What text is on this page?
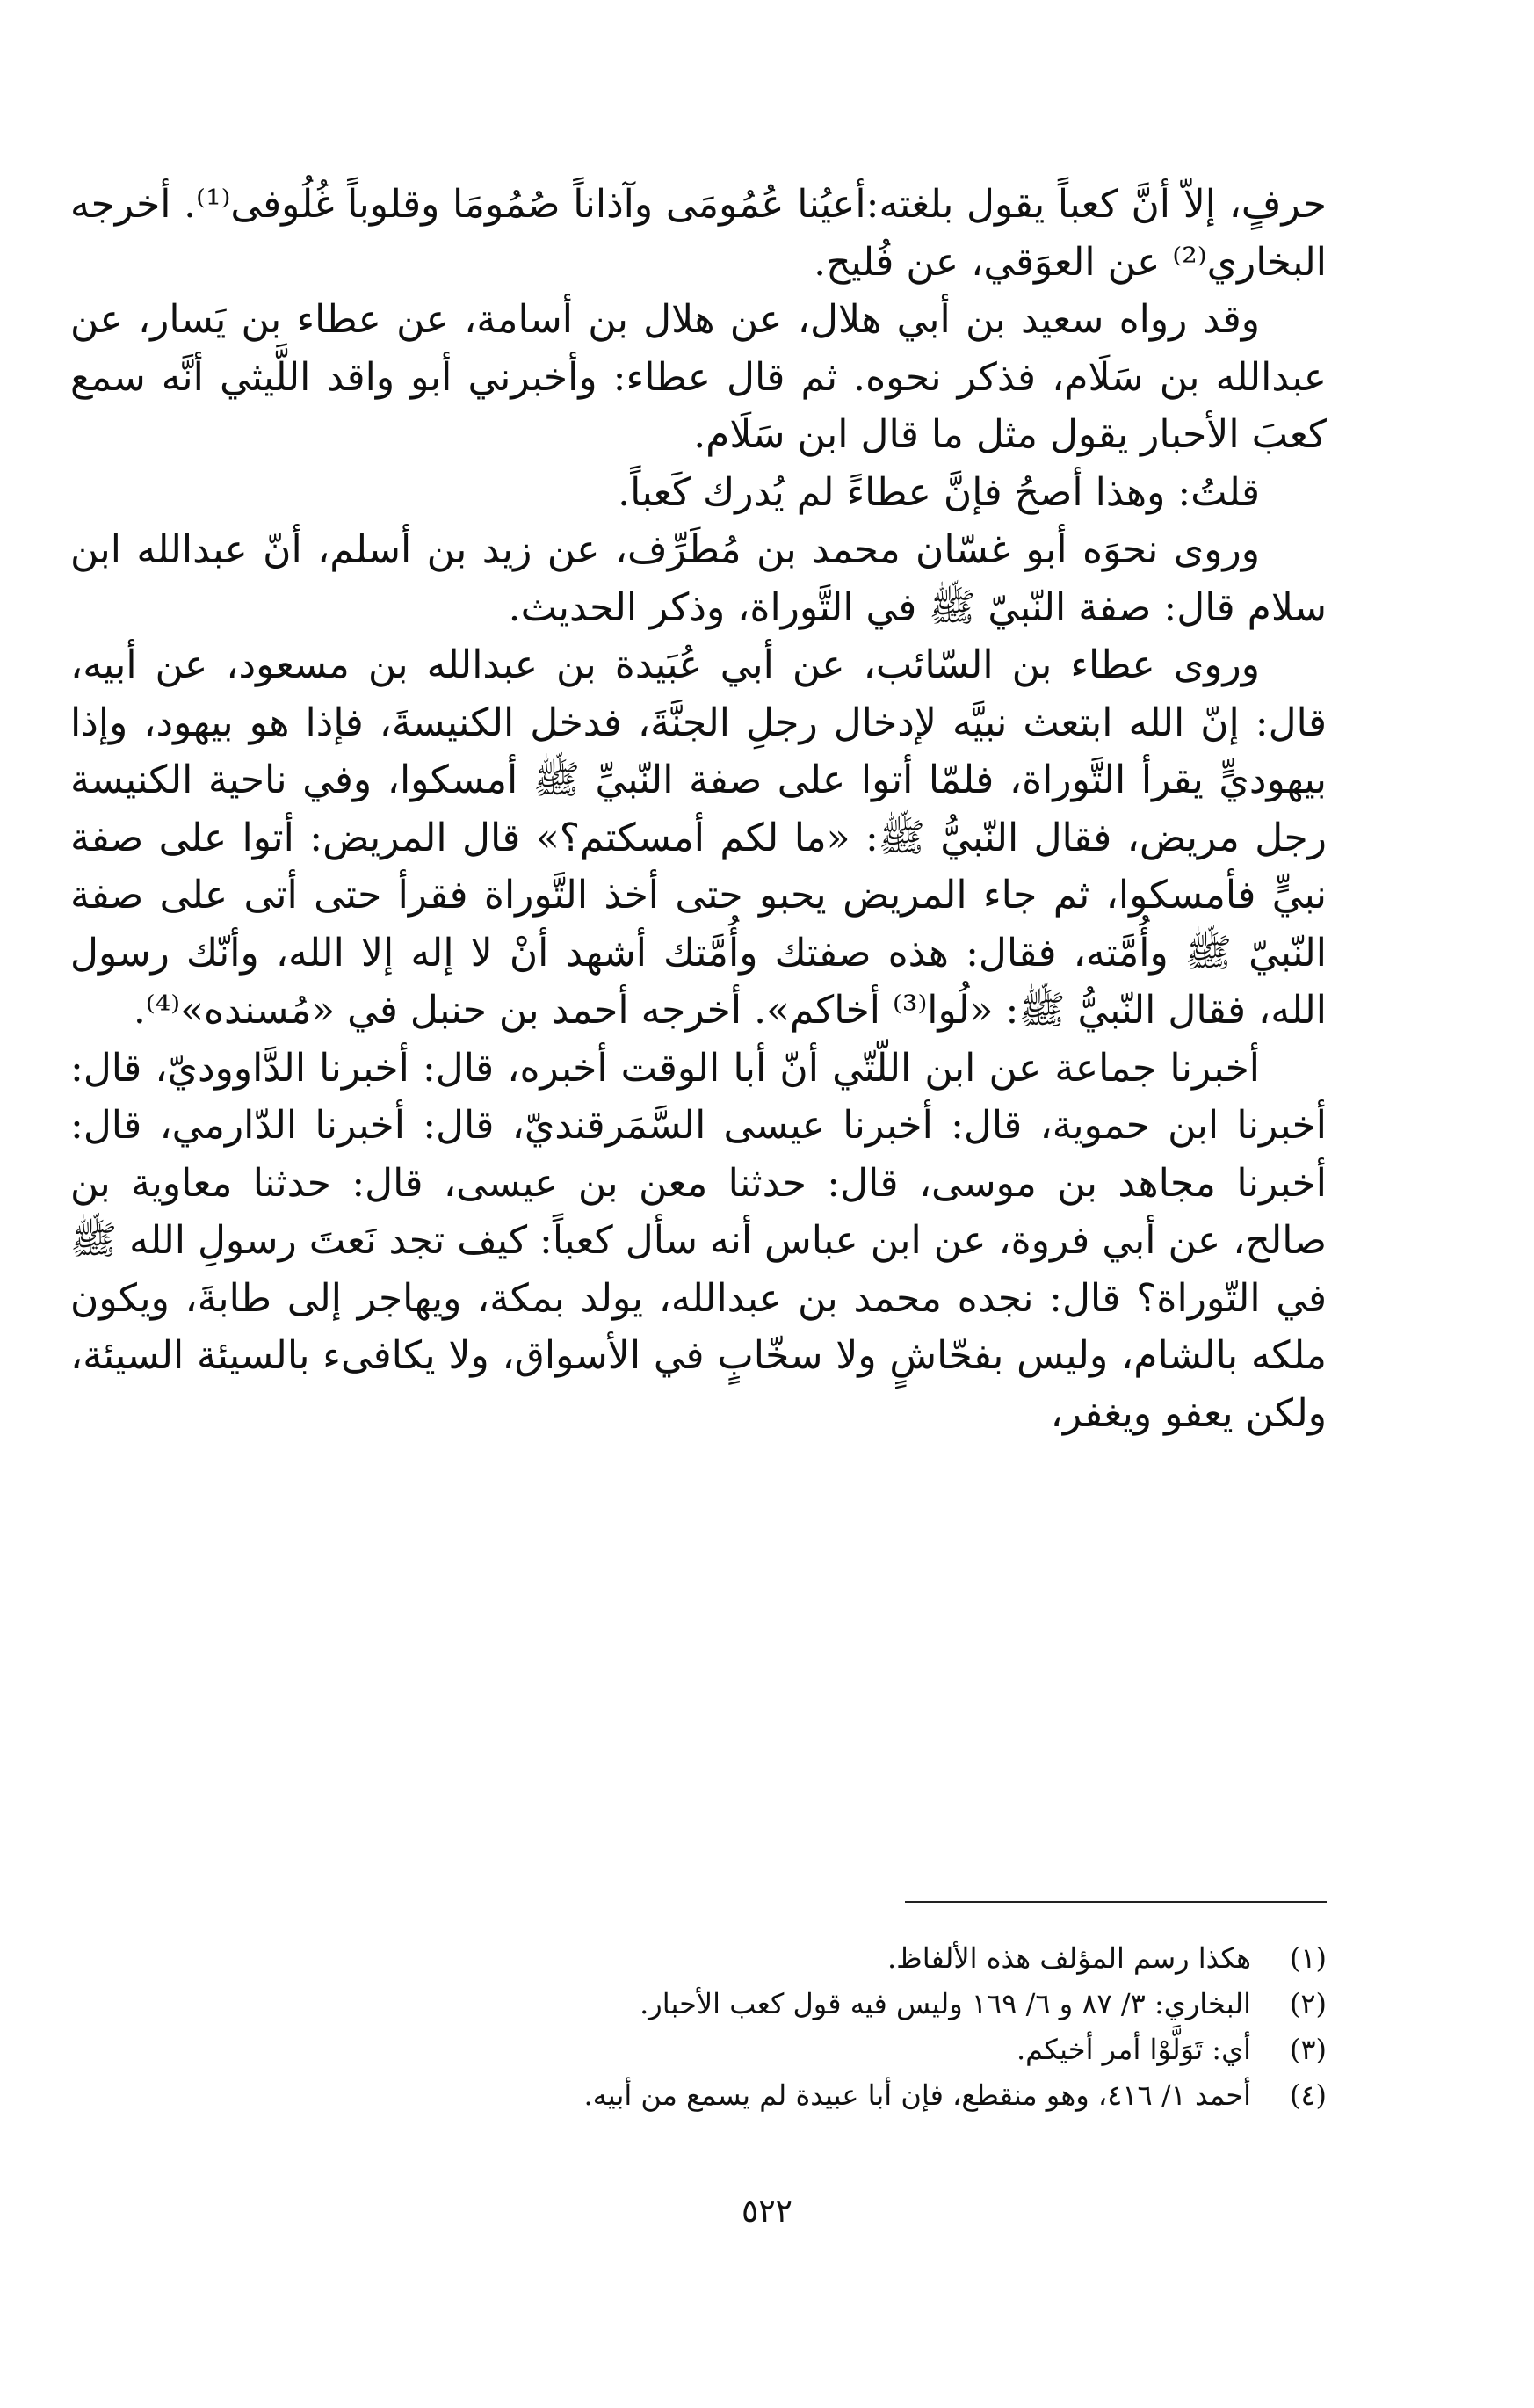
حرفٍ، إلاّ أنَّ كعباً يقول بلغته:أعيُنا عُمُومَى وآذاناً صُمُومَا وقلوباً غُلُوفى⁽¹⁾. أخرجه البخاري⁽²⁾ عن العوَقي، عن فُليح.

وقد رواه سعيد بن أبي هلال، عن هلال بن أسامة، عن عطاء بن يَسار، عن عبدالله بن سَلَام، فذكر نحوه. ثم قال عطاء: وأخبرني أبو واقد اللَّيثي أنَّه سمع كعبَ الأحبار يقول مثل ما قال ابن سَلَام.

قلتُ: وهذا أصحُ فإنَّ عطاءً لم يُدرك كَعباً.

وروى نحوَه أبو غسّان محمد بن مُطَرِّف، عن زيد بن أسلم، أنّ عبدالله ابن سلام قال: صفة النّبيّ ﷺ في التَّوراة، وذكر الحديث.

وروى عطاء بن السّائب، عن أبي عُبَيدة بن عبدالله بن مسعود، عن أبيه، قال: إنّ الله ابتعث نبيَّه لإدخال رجلِ الجنَّةَ، فدخل الكنيسةَ، فإذا هو بيهود، وإذا بيهوديٍّ يقرأ التَّوراة، فلمّا أتوا على صفة النّبيِّ ﷺ أمسكوا، وفي ناحية الكنيسة رجل مريض، فقال النّبيُّ ﷺ: «ما لكم أمسكتم؟» قال المريض: أتوا على صفة نبيٍّ فأمسكوا، ثم جاء المريض يحبو حتى أخذ التَّوراة فقرأ حتى أتى على صفة النّبيّ ﷺ وأُمَّته، فقال: هذه صفتك وأُمَّتك أشهد أنْ لا إله إلا الله، وأنّك رسول الله، فقال النّبيُّ ﷺ: «لُوا⁽³⁾ أخاكم». أخرجه أحمد بن حنبل في «مُسنده»⁽⁴⁾.

أخبرنا جماعة عن ابن اللّتّي أنّ أبا الوقت أخبره، قال: أخبرنا الدَّاووديّ، قال: أخبرنا ابن حموية، قال: أخبرنا عيسى السَّمَرقنديّ، قال: أخبرنا الدّارمي، قال: أخبرنا مجاهد بن موسى، قال: حدثنا معن بن عيسى، قال: حدثنا معاوية بن صالح، عن أبي فروة، عن ابن عباس أنه سأل كعباً: كيف تجد نَعتَ رسولِ الله ﷺ في التّوراة؟ قال: نجده محمد بن عبدالله، يولد بمكة، ويهاجر إلى طابةَ، ويكون ملكه بالشام، وليس بفحّاشٍ ولا سخّابٍ في الأسواق، ولا يكافىء بالسيئة السيئة، ولكن يعفو ويغفر،

(١)
هكذا رسم المؤلف هذه الألفاظ.
(٢)
البخاري: ٣/ ٨٧ و ٦/ ١٦٩ وليس فيه قول كعب الأحبار.
(٣)
أي: تَوَلَّوْا أمر أخيكم.
(٤)
أحمد ١/ ٤١٦، وهو منقطع، فإن أبا عبيدة لم يسمع من أبيه.
٥٢٢
